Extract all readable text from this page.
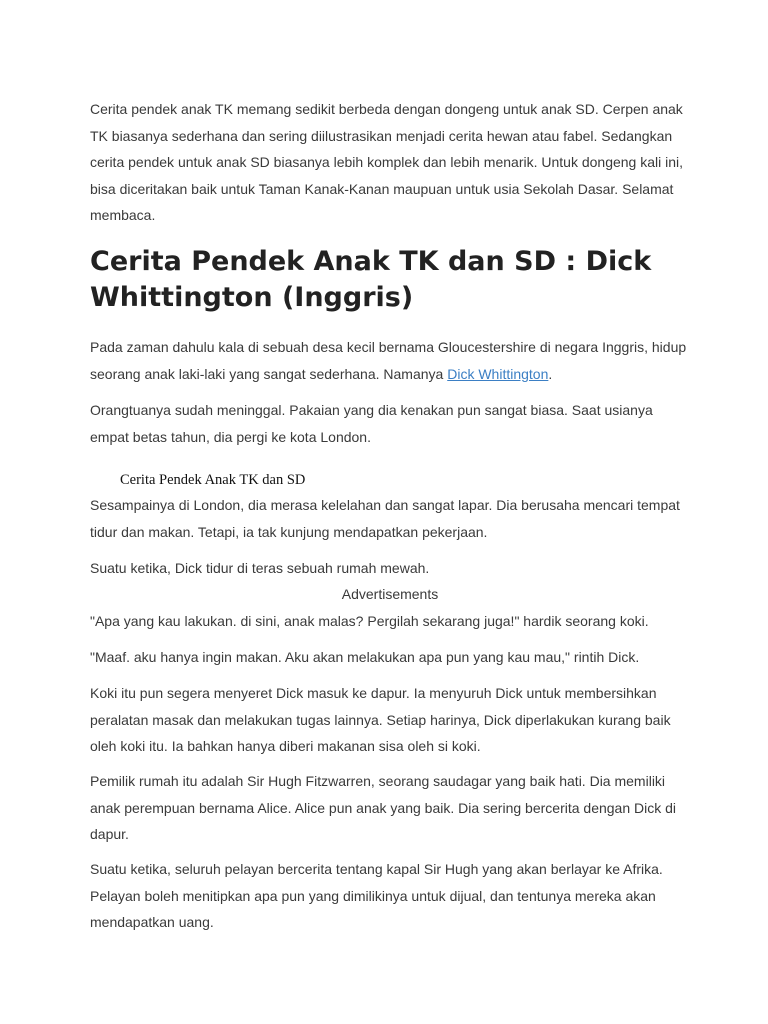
Cerita pendek anak TK memang sedikit berbeda dengan dongeng untuk anak SD. Cerpen anak TK biasanya sederhana dan sering diilustrasikan menjadi cerita hewan atau fabel. Sedangkan cerita pendek untuk anak SD biasanya lebih komplek dan lebih menarik. Untuk dongeng kali ini, bisa diceritakan baik untuk Taman Kanak-Kanan maupuan untuk usia Sekolah Dasar. Selamat membaca.

Cerita Pendek Anak TK dan SD : Dick Whittington (Inggris)

Pada zaman dahulu kala di sebuah desa kecil bernama Gloucestershire di negara Inggris, hidup seorang anak laki-laki yang sangat sederhana. Namanya Dick Whittington.

Orangtuanya sudah meninggal. Pakaian yang dia kenakan pun sangat biasa. Saat usianya empat betas tahun, dia pergi ke kota London.

Cerita Pendek Anak TK dan SD

Sesampainya di London, dia merasa kelelahan dan sangat lapar. Dia berusaha mencari tempat tidur dan makan. Tetapi, ia tak kunjung mendapatkan pekerjaan.

Suatu ketika, Dick tidur di teras sebuah rumah mewah.

Advertisements

"Apa yang kau lakukan. di sini, anak malas? Pergilah sekarang juga!" hardik seorang koki.

"Maaf. aku hanya ingin makan. Aku akan melakukan apa pun yang kau mau," rintih Dick.

Koki itu pun segera menyeret Dick masuk ke dapur. Ia menyuruh Dick untuk membersihkan peralatan masak dan melakukan tugas lainnya. Setiap harinya, Dick diperlakukan kurang baik oleh koki itu. Ia bahkan hanya diberi makanan sisa oleh si koki.

Pemilik rumah itu adalah Sir Hugh Fitzwarren, seorang saudagar yang baik hati. Dia memiliki anak perempuan bernama Alice. Alice pun anak yang baik. Dia sering bercerita dengan Dick di dapur.

Suatu ketika, seluruh pelayan bercerita tentang kapal Sir Hugh yang akan berlayar ke Afrika. Pelayan boleh menitipkan apa pun yang dimilikinya untuk dijual, dan tentunya mereka akan mendapatkan uang.
